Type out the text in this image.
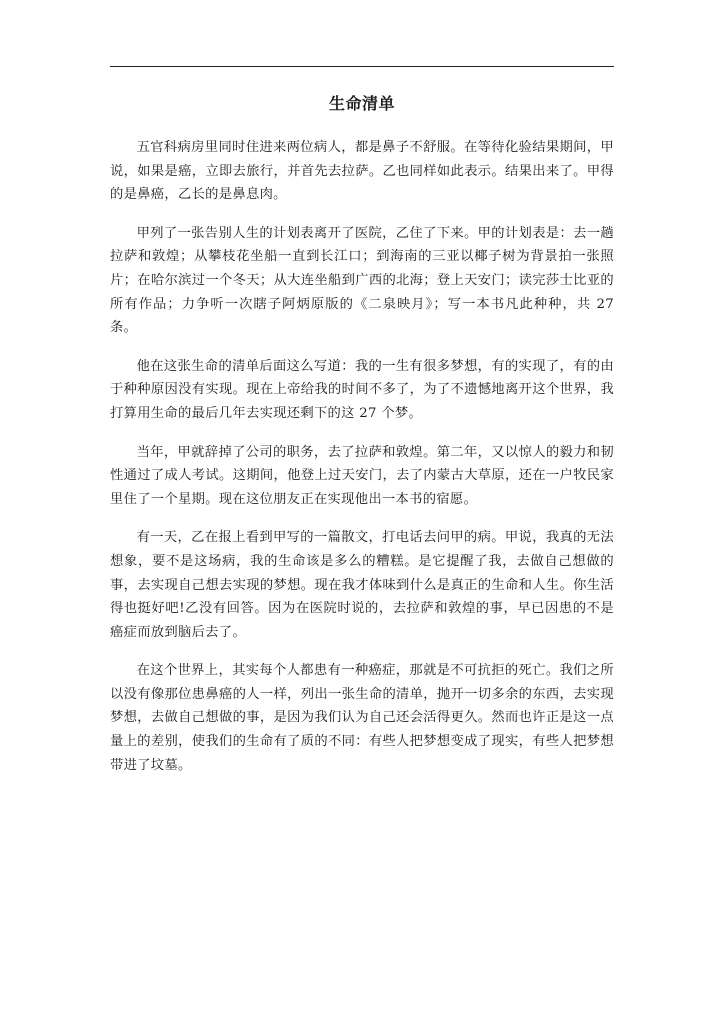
生命清单

五官科病房里同时住进来两位病人，都是鼻子不舒服。在等待化验结果期间，甲说，如果是癌，立即去旅行，并首先去拉萨。乙也同样如此表示。结果出来了。甲得的是鼻癌，乙长的是鼻息肉。

甲列了一张告别人生的计划表离开了医院，乙住了下来。甲的计划表是：去一趟拉萨和敦煌；从攀枝花坐船一直到长江口；到海南的三亚以椰子树为背景拍一张照片；在哈尔滨过一个冬天；从大连坐船到广西的北海；登上天安门；读完莎士比亚的所有作品；力争听一次瞎子阿炳原版的《二泉映月》；写一本书凡此种种，共 27 条。

他在这张生命的清单后面这么写道：我的一生有很多梦想，有的实现了，有的由于种种原因没有实现。现在上帝给我的时间不多了，为了不遗憾地离开这个世界，我打算用生命的最后几年去实现还剩下的这 27 个梦。

当年，甲就辞掉了公司的职务，去了拉萨和敦煌。第二年，又以惊人的毅力和韧性通过了成人考试。这期间，他登上过天安门，去了内蒙古大草原，还在一户牧民家里住了一个星期。现在这位朋友正在实现他出一本书的宿愿。

有一天，乙在报上看到甲写的一篇散文，打电话去问甲的病。甲说，我真的无法想象，要不是这场病，我的生命该是多么的糟糕。是它提醒了我，去做自己想做的事，去实现自己想去实现的梦想。现在我才体味到什么是真正的生命和人生。你生活得也挺好吧!乙没有回答。因为在医院时说的，去拉萨和敦煌的事，早已因患的不是癌症而放到脑后去了。

在这个世界上，其实每个人都患有一种癌症，那就是不可抗拒的死亡。我们之所以没有像那位患鼻癌的人一样，列出一张生命的清单，抛开一切多余的东西，去实现梦想，去做自己想做的事，是因为我们认为自己还会活得更久。然而也许正是这一点量上的差别，使我们的生命有了质的不同：有些人把梦想变成了现实，有些人把梦想带进了坟墓。
